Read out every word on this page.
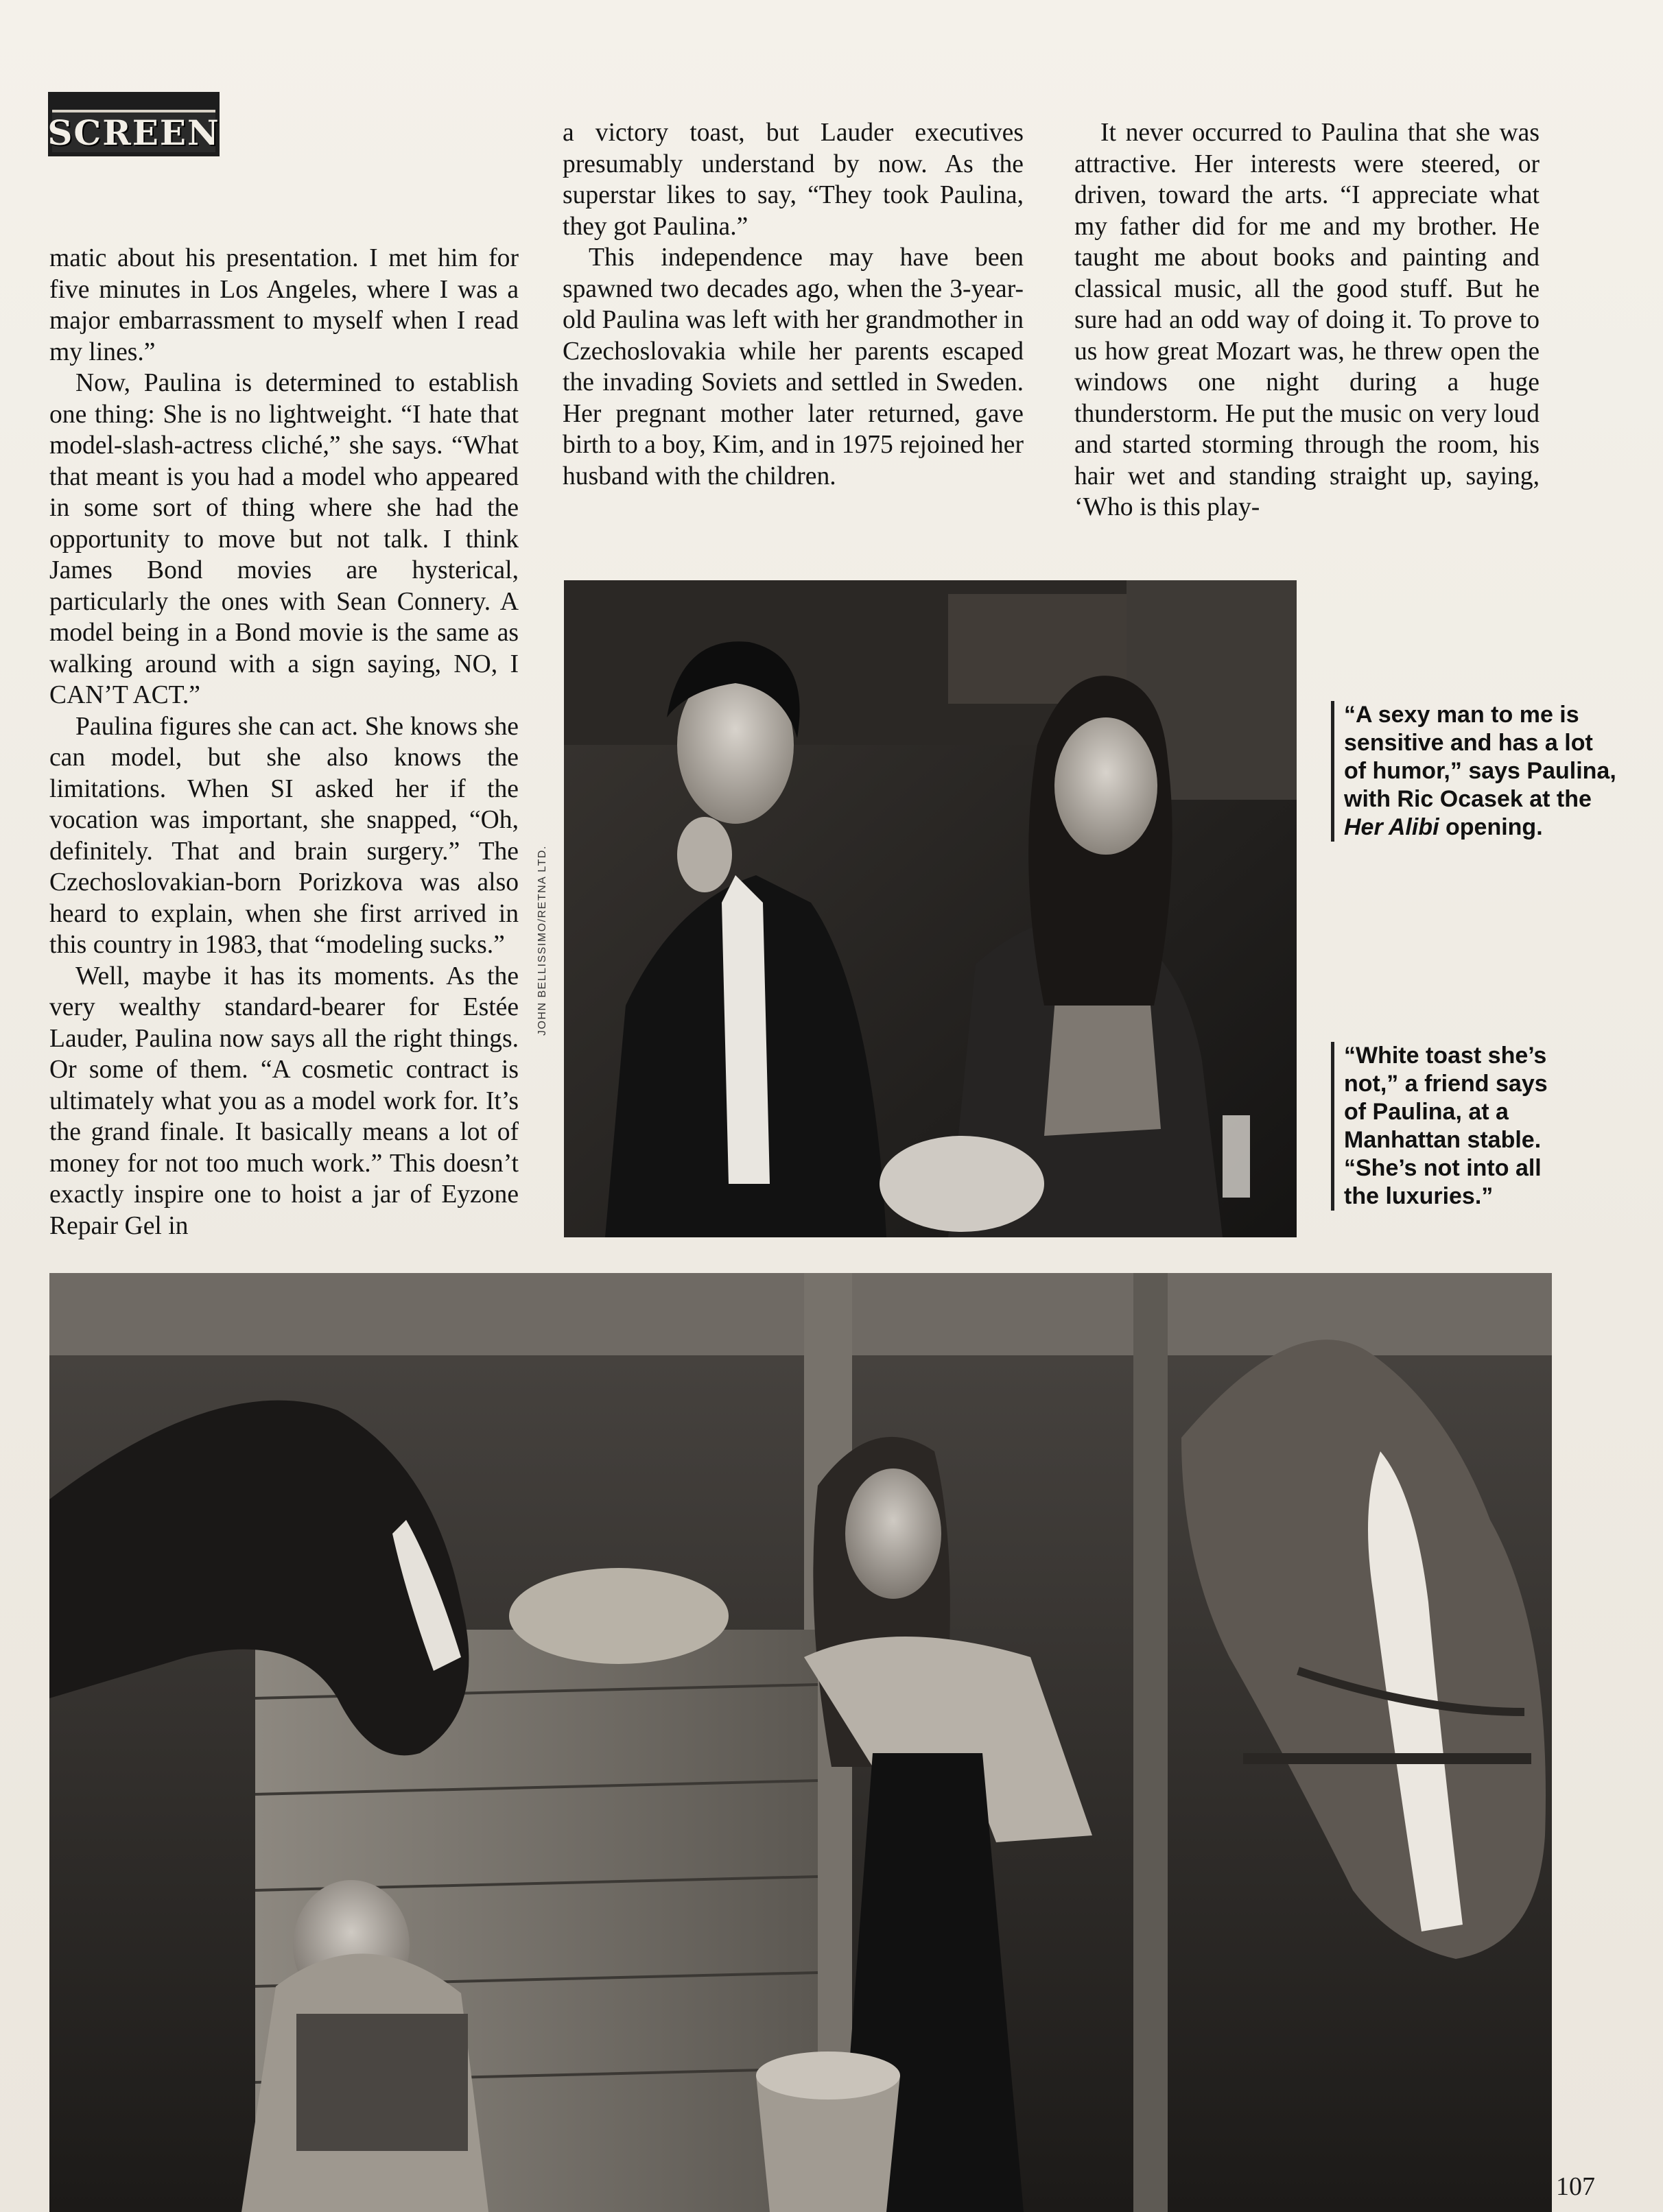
SCREEN

matic about his presentation. I met him for five minutes in Los Angeles, where I was a major embarrassment to myself when I read my lines.”

Now, Paulina is determined to establish one thing: She is no lightweight. “I hate that model-slash-actress cliché,” she says. “What that meant is you had a model who appeared in some sort of thing where she had the opportunity to move but not talk. I think James Bond movies are hysterical, particularly the ones with Sean Connery. A model being in a Bond movie is the same as walking around with a sign saying, NO, I CAN’T ACT.”

Paulina figures she can act. She knows she can model, but she also knows the limitations. When SI asked her if the vocation was important, she snapped, “Oh, definitely. That and brain surgery.” The Czechoslovakian-born Porizkova was also heard to explain, when she first arrived in this country in 1983, that “modeling sucks.”

Well, maybe it has its moments. As the very wealthy standard-bearer for Estée Lauder, Paulina now says all the right things. Or some of them. “A cosmetic contract is ultimately what you as a model work for. It’s the grand finale. It basically means a lot of money for not too much work.” This doesn’t exactly inspire one to hoist a jar of Eyzone Repair Gel in

a victory toast, but Lauder executives presumably understand by now. As the superstar likes to say, “They took Paulina, they got Paulina.”

This independence may have been spawned two decades ago, when the 3-year-old Paulina was left with her grandmother in Czechoslovakia while her parents escaped the invading Soviets and settled in Sweden. Her pregnant mother later returned, gave birth to a boy, Kim, and in 1975 rejoined her husband with the children.

It never occurred to Paulina that she was attractive. Her interests were steered, or driven, toward the arts. “I appreciate what my father did for me and my brother. He taught me about books and painting and classical music, all the good stuff. But he sure had an odd way of doing it. To prove to us how great Mozart was, he threw open the windows one night during a huge thunderstorm. He put the music on very loud and started storming through the room, his hair wet and standing straight up, saying, ‘Who is this play-

JOHN BELLISSIMO/RETNA LTD.
“A sexy man to me is sensitive and has a lot of humor,” says Paulina, with Ric Ocasek at the Her Alibi opening.
“White toast she’s not,” a friend says of Paulina, at a Manhattan stable. “She’s not into all the luxuries.”
107
